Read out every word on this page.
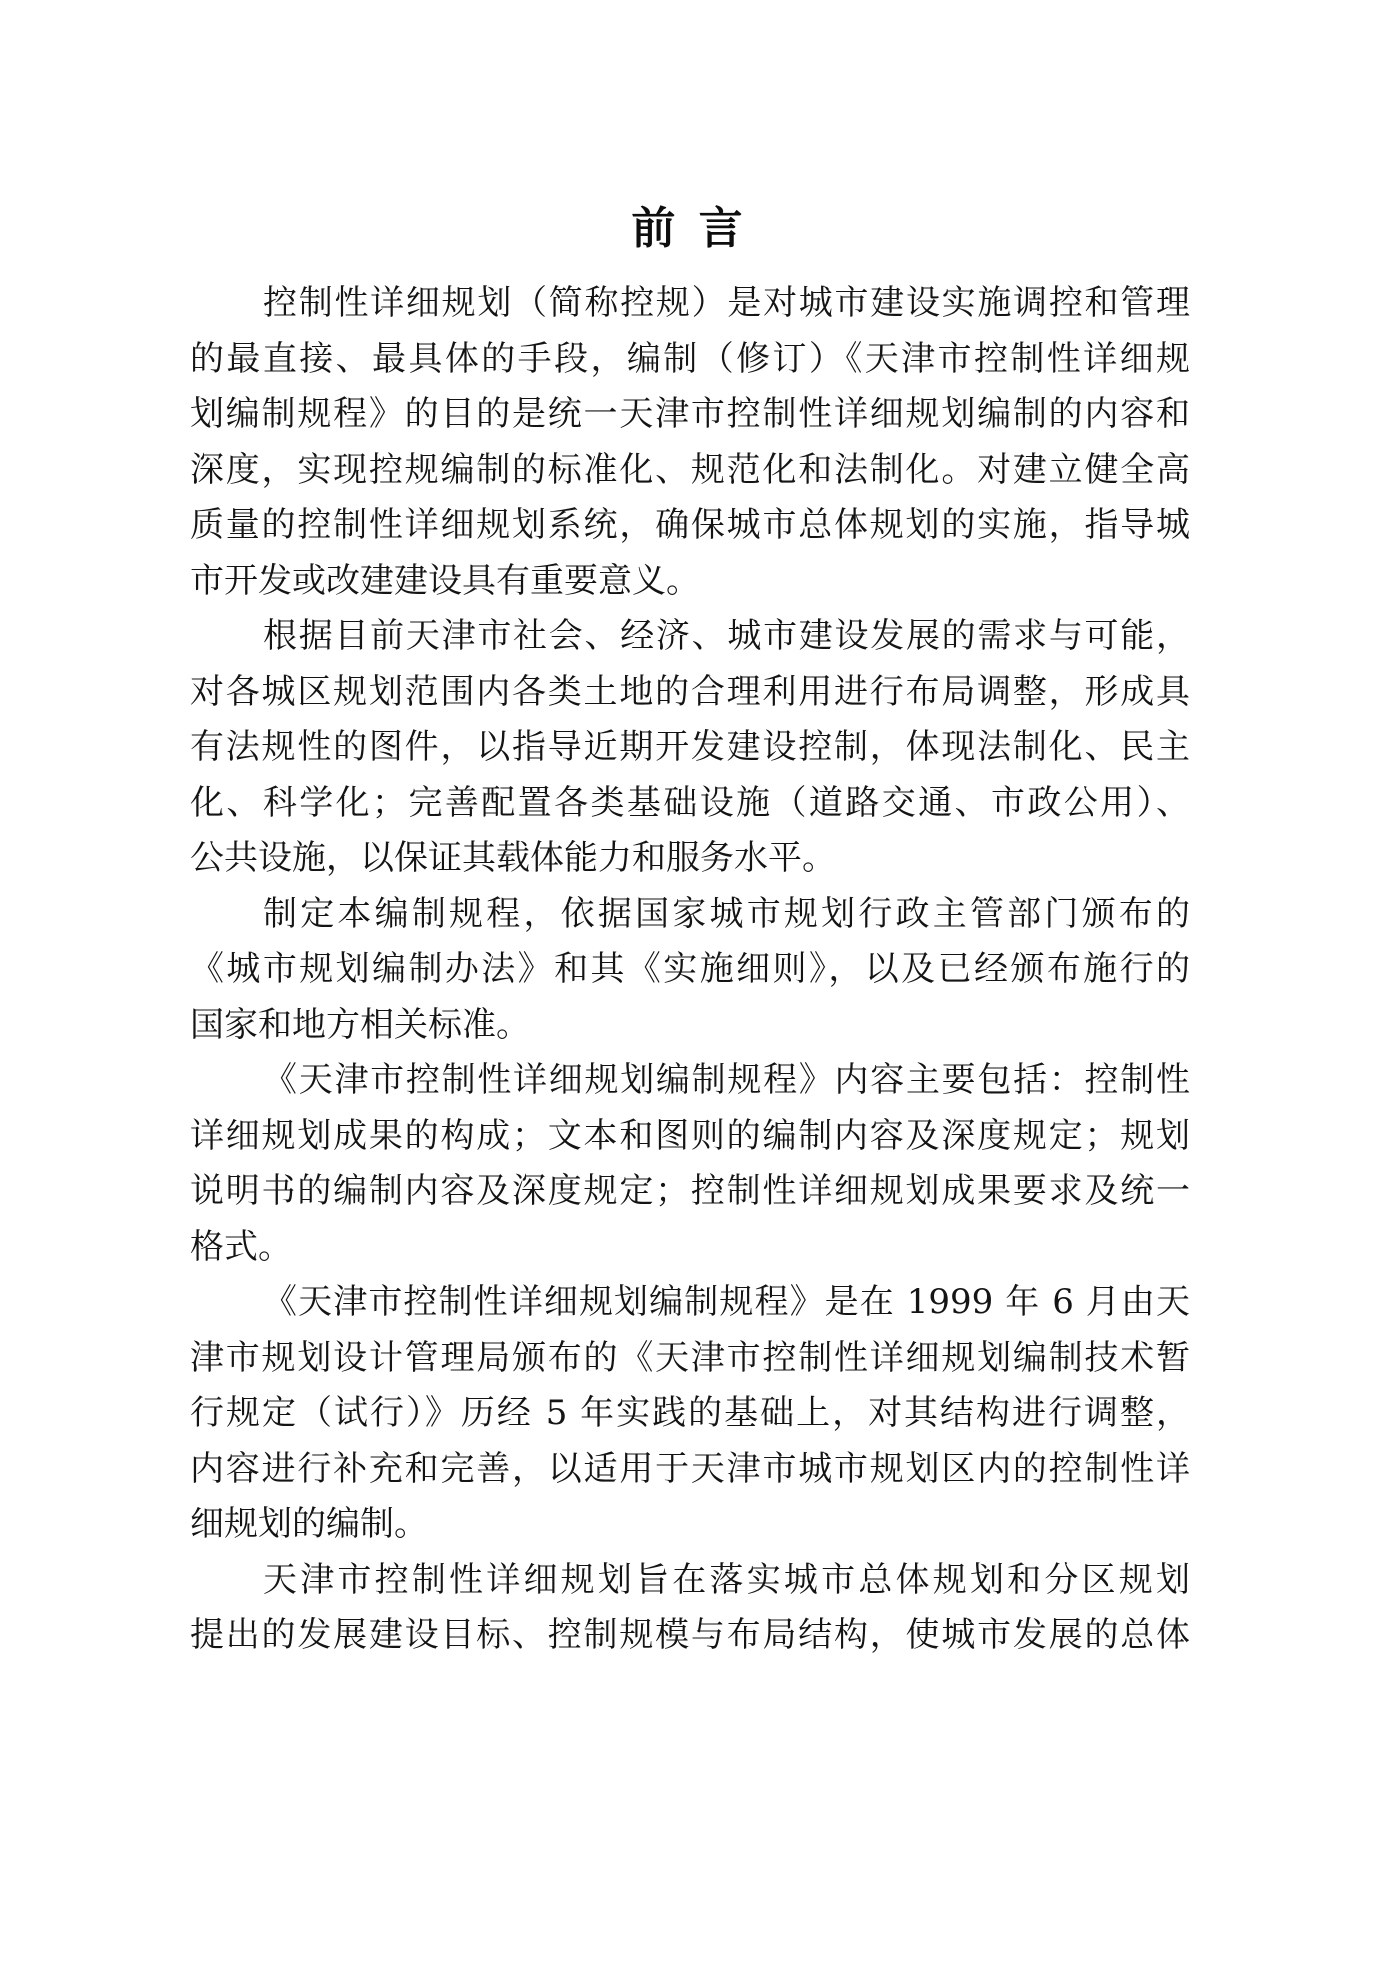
前 言
控制性详细规划（简称控规）是对城市建设实施调控和管理
的最直接、最具体的手段，编制（修订）《天津市控制性详细规
划编制规程》的目的是统一天津市控制性详细规划编制的内容和
深度，实现控规编制的标准化、规范化和法制化。对建立健全高
质量的控制性详细规划系统，确保城市总体规划的实施，指导城
市开发或改建建设具有重要意义。
根据目前天津市社会、经济、城市建设发展的需求与可能，
对各城区规划范围内各类土地的合理利用进行布局调整，形成具
有法规性的图件，以指导近期开发建设控制，体现法制化、民主
化、科学化；完善配置各类基础设施（道路交通、市政公用）、
公共设施，以保证其载体能力和服务水平。
制定本编制规程，依据国家城市规划行政主管部门颁布的
《城市规划编制办法》和其《实施细则》，以及已经颁布施行的
国家和地方相关标准。
《天津市控制性详细规划编制规程》内容主要包括：控制性
详细规划成果的构成；文本和图则的编制内容及深度规定；规划
说明书的编制内容及深度规定；控制性详细规划成果要求及统一
格式。
《天津市控制性详细规划编制规程》是在 1999 年 6 月由天
津市规划设计管理局颁布的《天津市控制性详细规划编制技术暂
行规定（试行）》历经 5 年实践的基础上，对其结构进行调整，
内容进行补充和完善，以适用于天津市城市规划区内的控制性详
细规划的编制。
天津市控制性详细规划旨在落实城市总体规划和分区规划
提出的发展建设目标、控制规模与布局结构，使城市发展的总体
